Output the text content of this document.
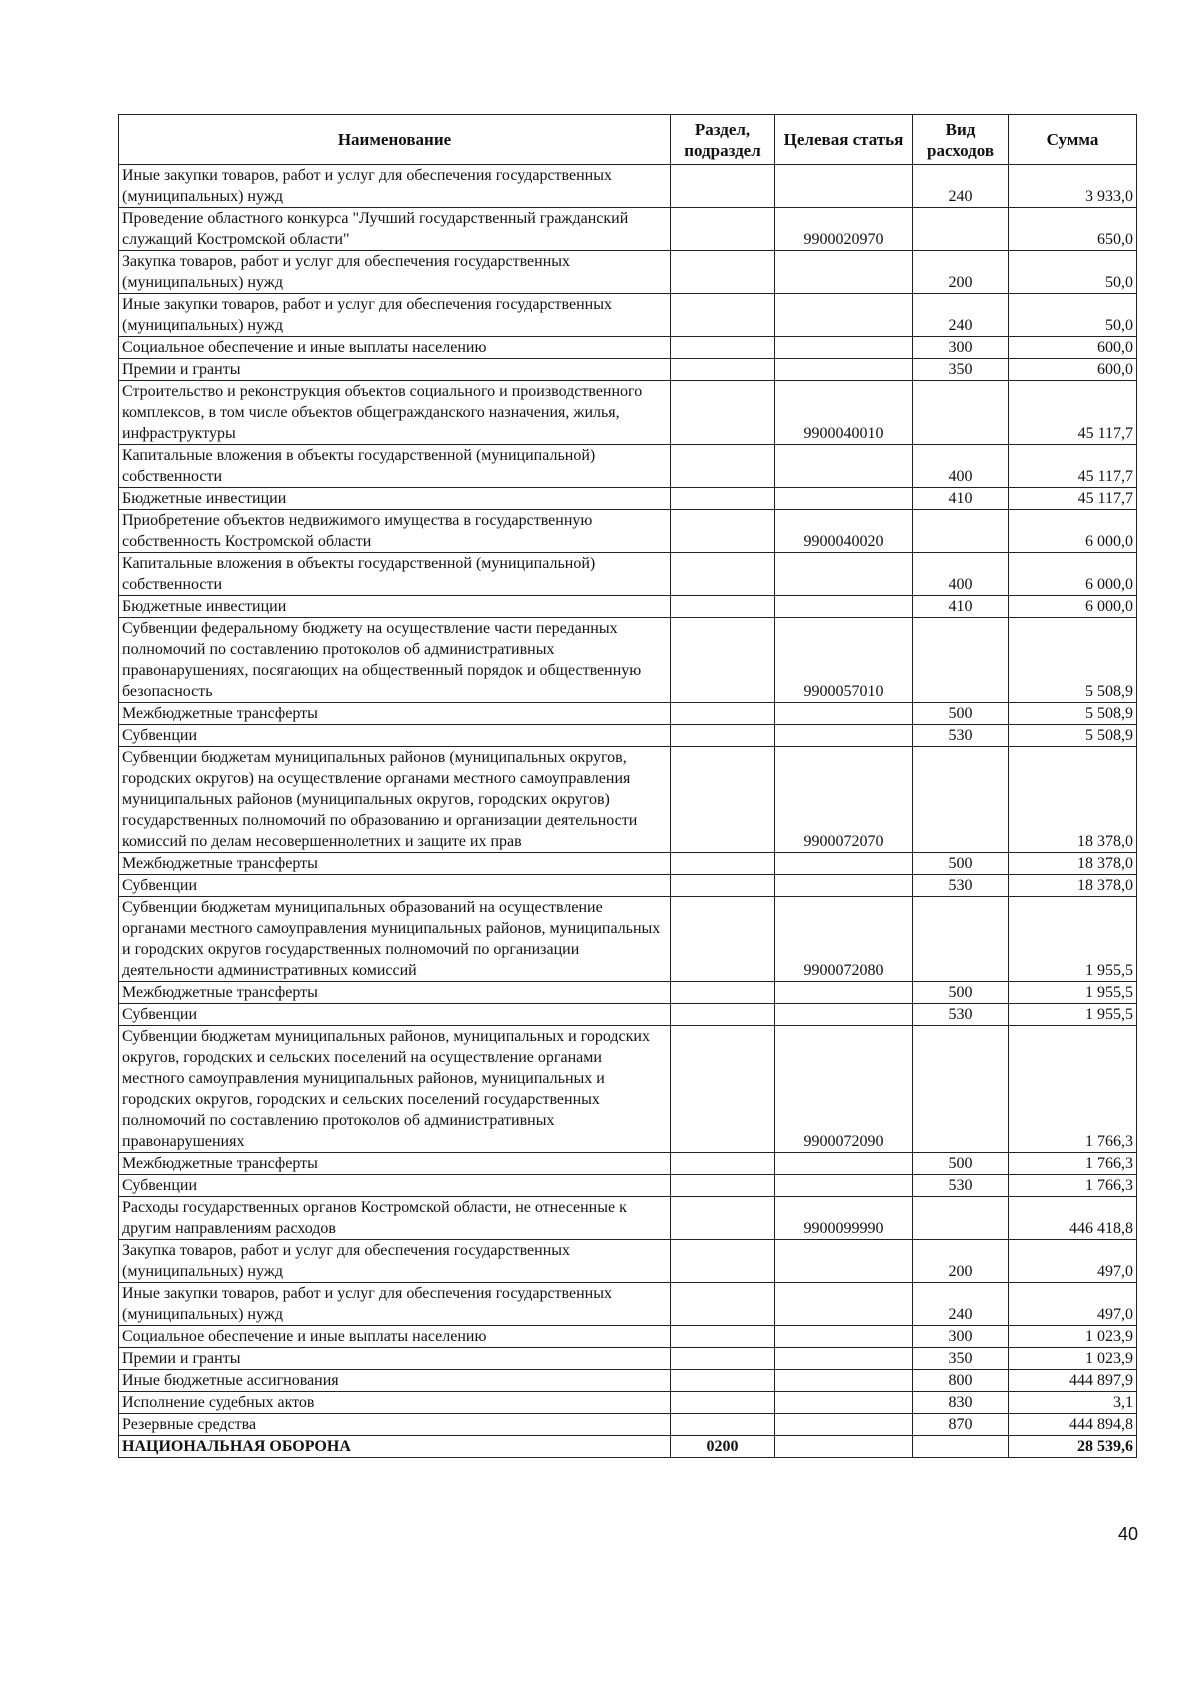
Наименование	Раздел, подраздел	Целевая статья	Вид расходов	Сумма
Иные закупки товаров, работ и услуг для обеспечения государственных (муниципальных) нужд			240	3 933,0
Проведение областного конкурса "Лучший государственный гражданский служащий Костромской области"		9900020970		650,0
Закупка товаров, работ и услуг для обеспечения государственных (муниципальных) нужд			200	50,0
Иные закупки товаров, работ и услуг для обеспечения государственных (муниципальных) нужд			240	50,0
Социальное обеспечение и иные выплаты населению			300	600,0
Премии и гранты			350	600,0
Строительство и реконструкция объектов социального и производственного комплексов, в том числе объектов общегражданского назначения, жилья, инфраструктуры		9900040010		45 117,7
Капитальные вложения в объекты государственной (муниципальной) собственности			400	45 117,7
Бюджетные инвестиции			410	45 117,7
Приобретение объектов недвижимого имущества в государственную собственность Костромской области		9900040020		6 000,0
Капитальные вложения в объекты государственной (муниципальной) собственности			400	6 000,0
Бюджетные инвестиции			410	6 000,0
Субвенции федеральному бюджету на осуществление части переданных полномочий по составлению протоколов об административных правонарушениях, посягающих на общественный порядок и общественную безопасность		9900057010		5 508,9
Межбюджетные трансферты			500	5 508,9
Субвенции			530	5 508,9
Субвенции бюджетам муниципальных районов (муниципальных округов, городских округов) на осуществление органами местного самоуправления муниципальных районов (муниципальных округов, городских округов) государственных полномочий по образованию и организации деятельности комиссий по делам несовершеннолетних и защите их прав		9900072070		18 378,0
Межбюджетные трансферты			500	18 378,0
Субвенции			530	18 378,0
Субвенции бюджетам муниципальных образований на осуществление органами местного самоуправления муниципальных районов, муниципальных и городских округов государственных полномочий по организации деятельности административных комиссий		9900072080		1 955,5
Межбюджетные трансферты			500	1 955,5
Субвенции			530	1 955,5
Субвенции бюджетам муниципальных районов, муниципальных и городских округов, городских и сельских поселений на осуществление органами местного самоуправления муниципальных районов, муниципальных и городских округов, городских и сельских поселений государственных полномочий по составлению протоколов об административных правонарушениях		9900072090		1 766,3
Межбюджетные трансферты			500	1 766,3
Субвенции			530	1 766,3
Расходы государственных органов Костромской области, не отнесенные к другим направлениям расходов		9900099990		446 418,8
Закупка товаров, работ и услуг для обеспечения государственных (муниципальных) нужд			200	497,0
Иные закупки товаров, работ и услуг для обеспечения государственных (муниципальных) нужд			240	497,0
Социальное обеспечение и иные выплаты населению			300	1 023,9
Премии и гранты			350	1 023,9
Иные бюджетные ассигнования			800	444 897,9
Исполнение судебных актов			830	3,1
Резервные средства			870	444 894,8
НАЦИОНАЛЬНАЯ ОБОРОНА	0200			28 539,6
40
